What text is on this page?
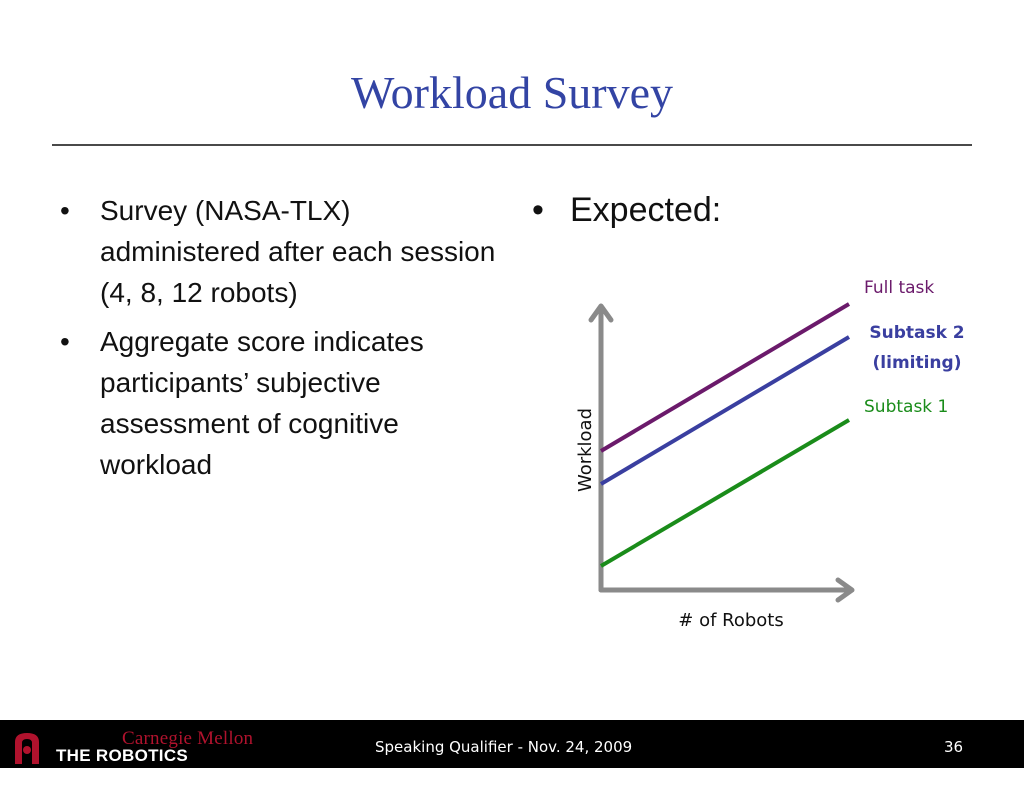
Workload Survey
• Survey (NASA-TLX) administered after each session (4, 8, 12 robots)
• Aggregate score indicates participants’ subjective assessment of cognitive workload
• Expected:
Full task
Subtask 2
(limiting)
Subtask 1
# of Robots
Workload
Carnegie Mellon
THE ROBOTICS INSTITUTE
Speaking Qualifier - Nov. 24, 2009	36
